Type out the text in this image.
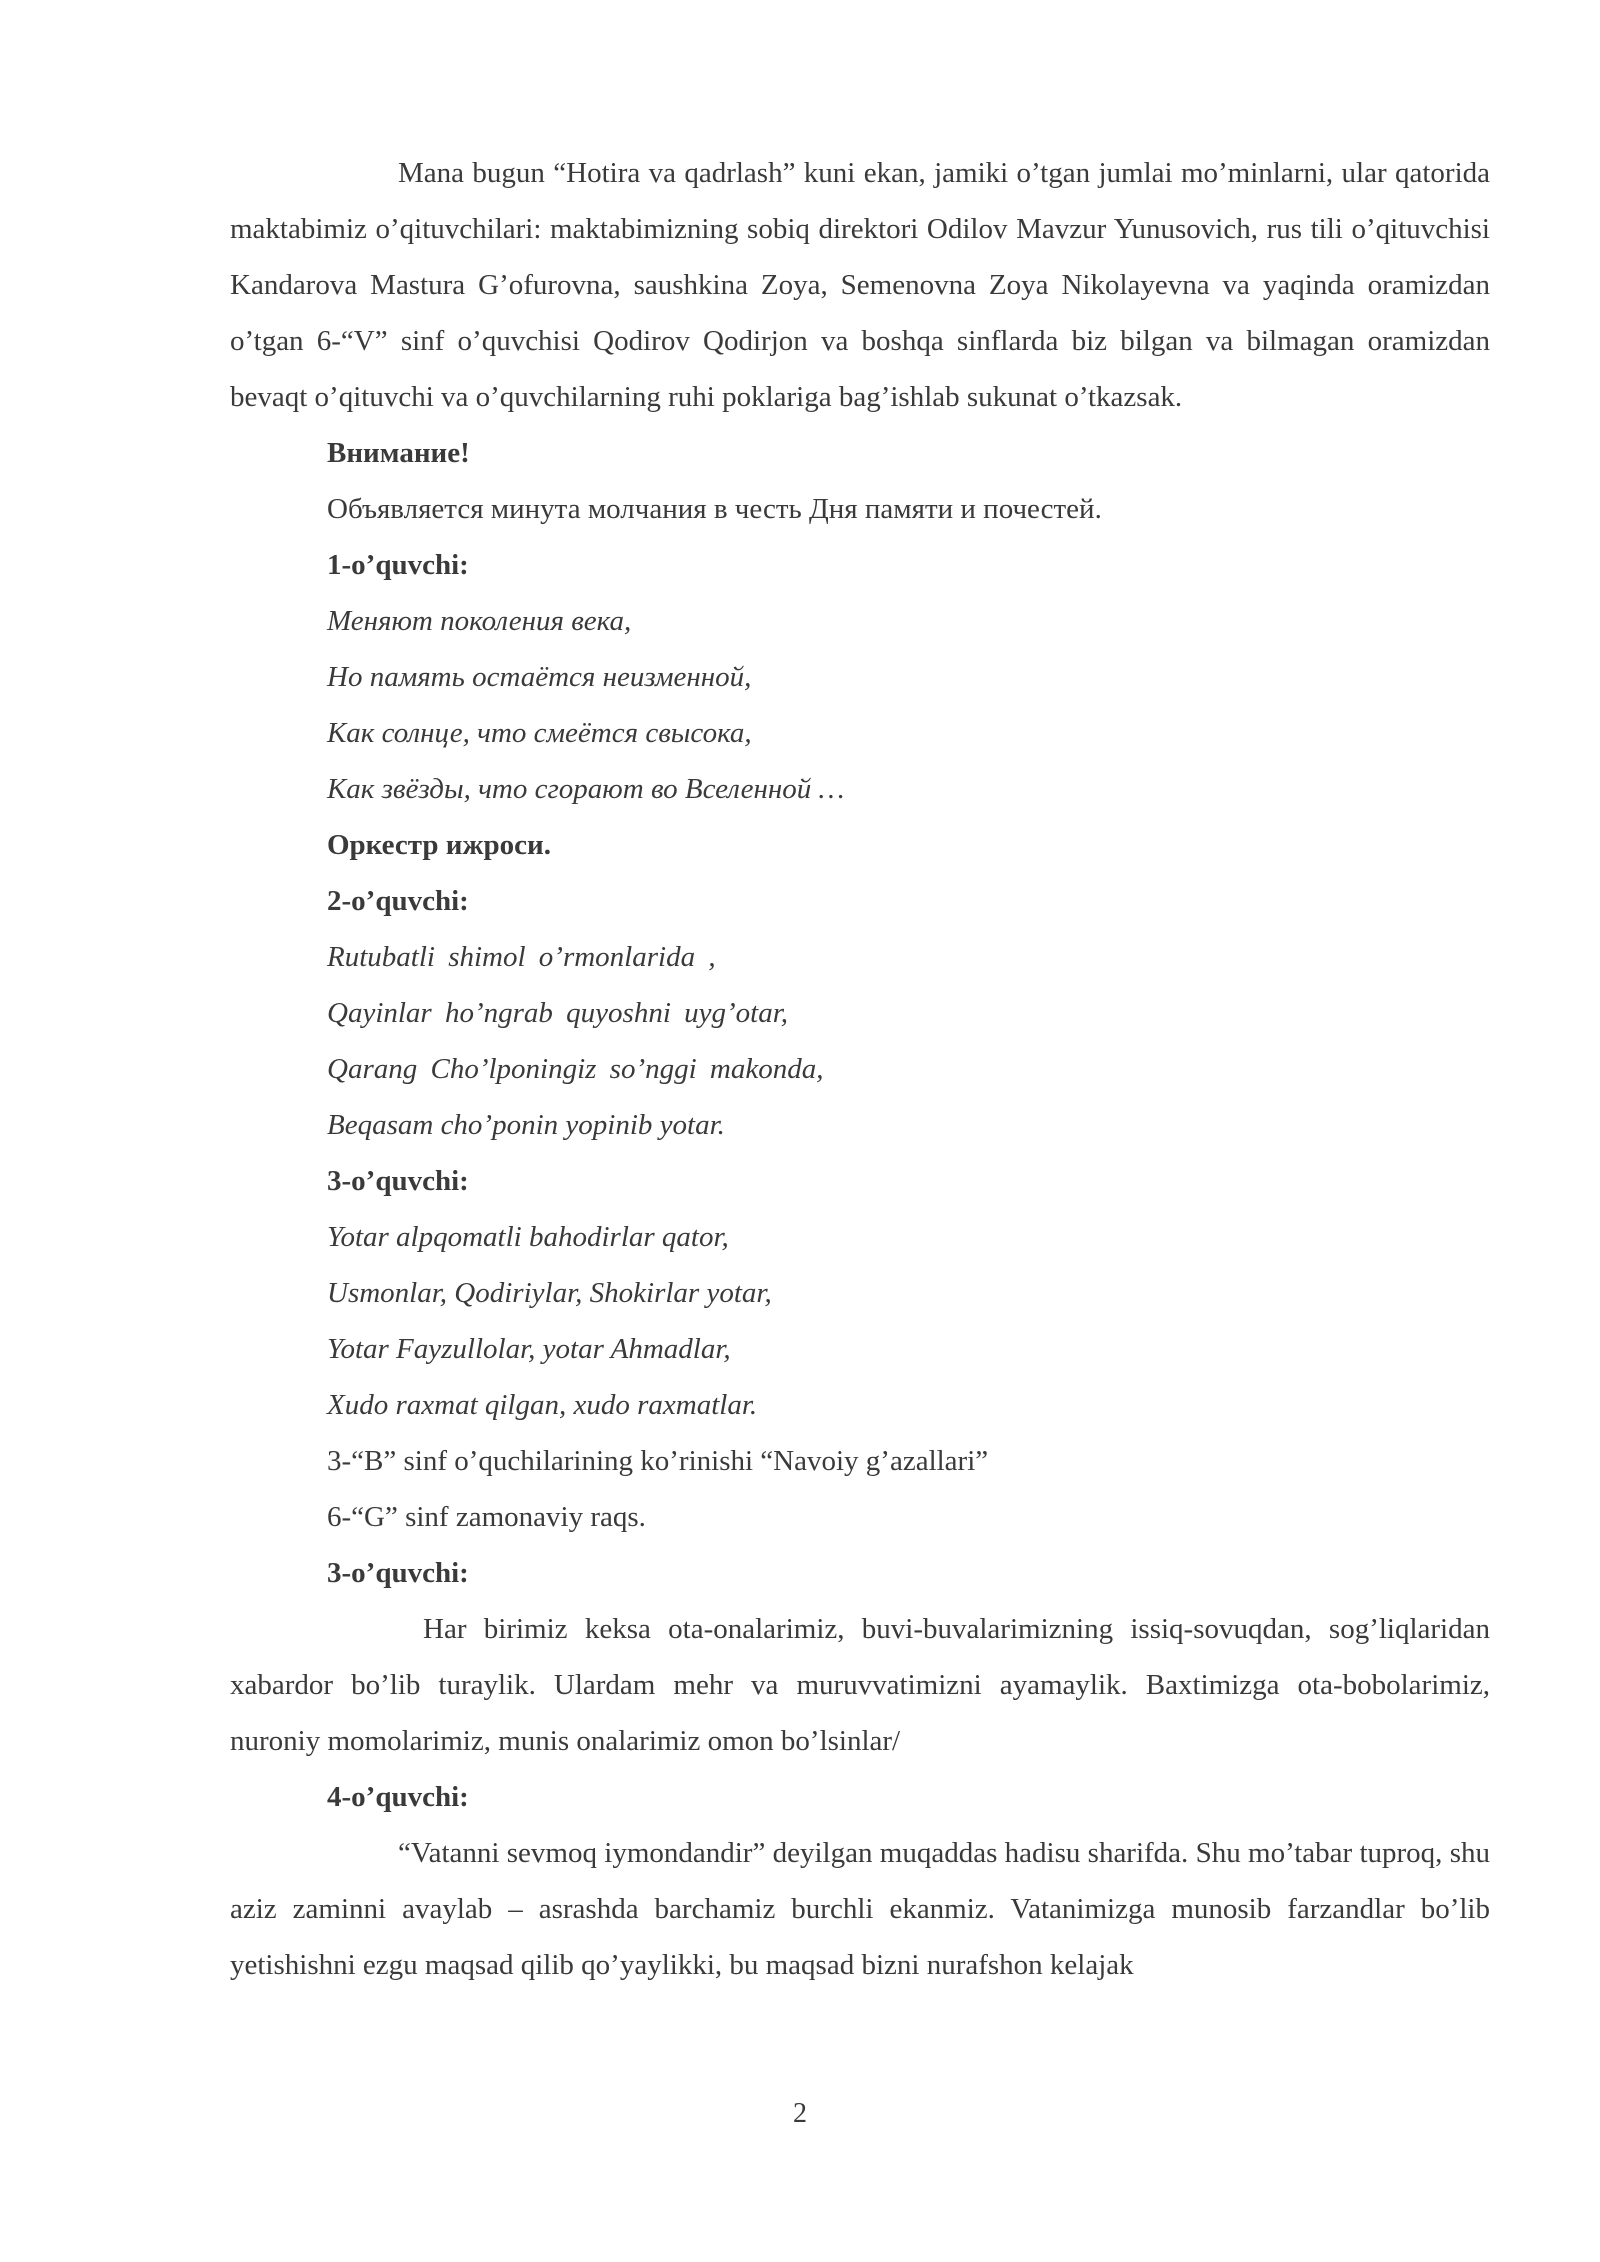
Mana bugun “Hotira va qadrlash” kuni ekan, jamiki o’tgan jumlai mo’minlarni, ular qatorida maktabimiz o’qituvchilari: maktabimizning sobiq direktori Odilov Mavzur Yunusovich, rus tili o’qituvchisi Kandarova Mastura G’ofurovna, saushkina Zoya, Semenovna Zoya Nikolayevna va yaqinda oramizdan o’tgan 6-“V” sinf o’quvchisi Qodirov Qodirjon va boshqa sinflarda biz bilgan va bilmagan oramizdan bevaqt o’qituvchi va o’quvchilarning ruhi poklariga bag’ishlab sukunat o’tkazsak.

Внимание!

Объявляется минута молчания в честь Дня памяти и почестей.

1-o’quvchi:

Меняют поколения века,

Но память остаётся неизменной,

Как солнце, что смеётся свысока,

Как звёзды, что сгорают во Вселенной …

Оркестр ижроси.

2-o’quvchi:

Rutubatli shimol o’rmonlarida ,

Qayinlar ho’ngrab quyoshni uyg’otar,

Qarang Cho’lponingiz so’nggi makonda,

Beqasam cho’ponin yopinib yotar.

3-o’quvchi:

Yotar alpqomatli bahodirlar qator,

Usmonlar, Qodiriylar, Shokirlar yotar,

Yotar Fayzullolar, yotar Ahmadlar,

Xudo raxmat qilgan, xudo raxmatlar.

3-“B” sinf o’quchilarining ko’rinishi “Navoiy g’azallari”

6-“G” sinf zamonaviy raqs.

3-o’quvchi:

Har birimiz keksa ota-onalarimiz, buvi-buvalarimizning issiq-sovuqdan, sog’liqlaridan xabardor bo’lib turaylik. Ulardam mehr va muruvvatimizni ayamaylik. Baxtimizga ota-bobolarimiz, nuroniy momolarimiz, munis onalarimiz omon bo’lsinlar/

4-o’quvchi:

“Vatanni sevmoq iymondandir” deyilgan muqaddas hadisu sharifda. Shu mo’tabar tuproq, shu aziz zaminni avaylab – asrashda barchamiz burchli ekanmiz. Vatanimizga munosib farzandlar bo’lib yetishishni ezgu maqsad qilib qo’yaylikki, bu maqsad bizni nurafshon kelajak

2
